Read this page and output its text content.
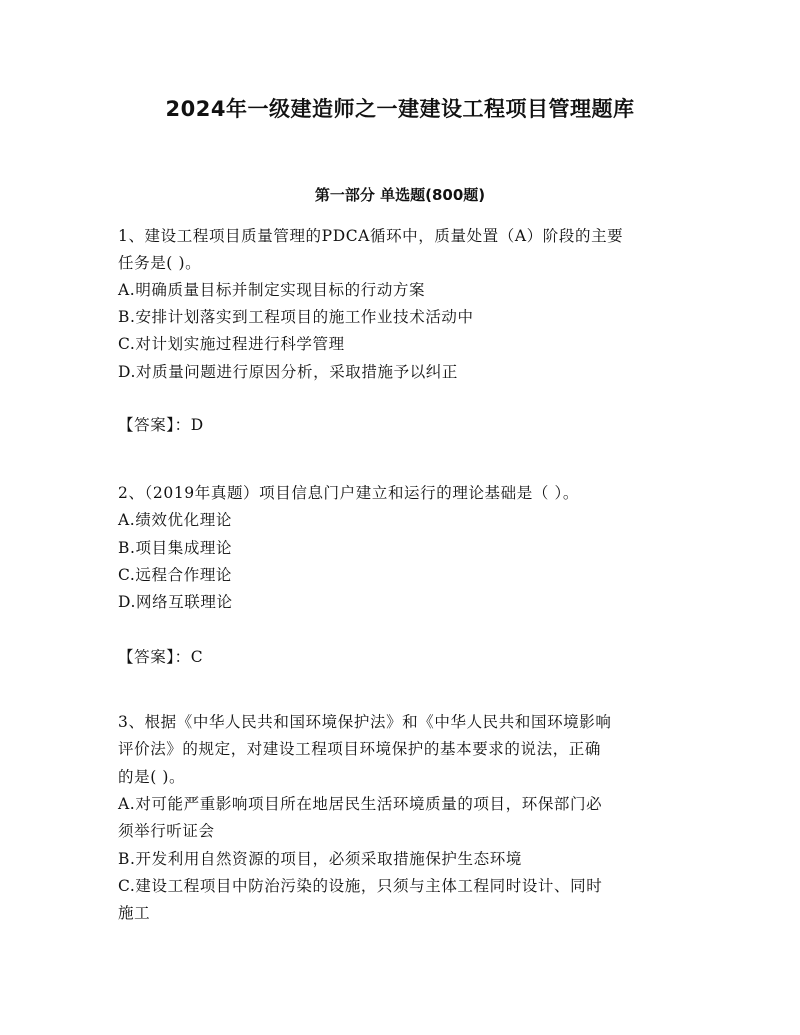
2024年一级建造师之一建建设工程项目管理题库
第一部分 单选题(800题)
1、建设工程项目质量管理的PDCA循环中，质量处置（A）阶段的主要
任务是( )。
A.明确质量目标并制定实现目标的行动方案
B.安排计划落实到工程项目的施工作业技术活动中
C.对计划实施过程进行科学管理
D.对质量问题进行原因分析，采取措施予以纠正
【答案】：D
2、（2019年真题）项目信息门户建立和运行的理论基础是（ ）。
A.绩效优化理论
B.项目集成理论
C.远程合作理论
D.网络互联理论
【答案】：C
3、根据《中华人民共和国环境保护法》和《中华人民共和国环境影响
评价法》的规定，对建设工程项目环境保护的基本要求的说法，正确
的是( )。
A.对可能严重影响项目所在地居民生活环境质量的项目，环保部门必
须举行听证会
B.开发利用自然资源的项目，必须采取措施保护生态环境
C.建设工程项目中防治污染的设施，只须与主体工程同时设计、同时
施工
